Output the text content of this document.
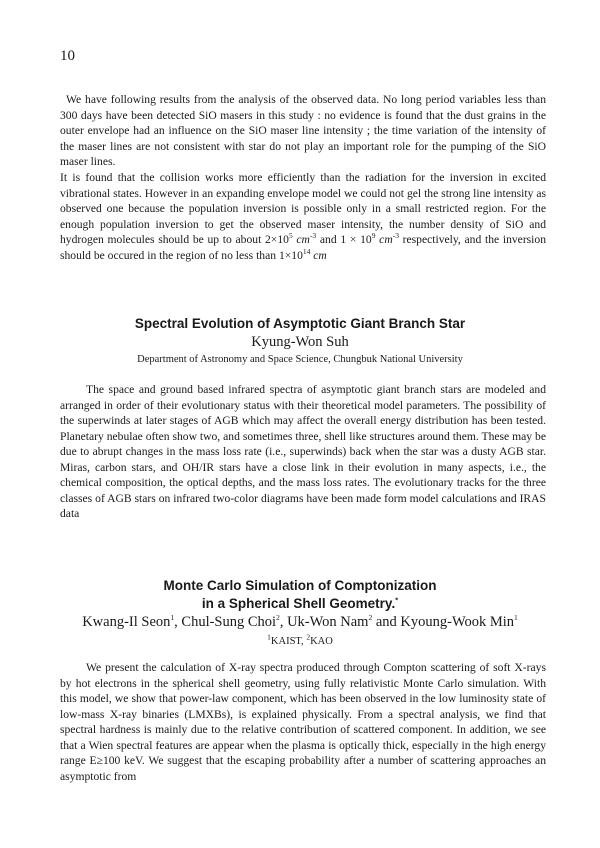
10

We have following results from the analysis of the observed data. No long period variables less than 300 days have been detected SiO masers in this study : no evidence is found that the dust grains in the outer envelope had an influence on the SiO maser line intensity ; the time variation of the intensity of the maser lines are not consistent with star do not play an important role for the pumping of the SiO maser lines.

It is found that the collision works more efficiently than the radiation for the inversion in excited vibrational states. However in an expanding envelope model we could not gel the strong line intensity as observed one because the population inversion is possible only in a small restricted region. For the enough population inversion to get the observed maser intensity, the number density of SiO and hydrogen molecules should be up to about $2\times 10^5$ $cm^{-3}$ and $1 \times 10^9$ $cm^{-3}$ respectively, and the inversion should be occured in the region of no less than $1\times 10^{14}$ cm

Spectral Evolution of Asymptotic Giant Branch Star
Kyung-Won Suh
Department of Astronomy and Space Science, Chungbuk National University

The space and ground based infrared spectra of asymptotic giant branch stars are modeled and arranged in order of their evolutionary status with their theoretical model parameters. The possibility of the superwinds at later stages of AGB which may affect the overall energy distribution has been tested. Planetary nebulae often show two, and sometimes three, shell like structures around them. These may be due to abrupt changes in the mass loss rate (i.e., superwinds) back when the star was a dusty AGB star. Miras, carbon stars, and OH/IR stars have a close link in their evolution in many aspects, i.e., the chemical composition, the optical depths, and the mass loss rates. The evolutionary tracks for the three classes of AGB stars on infrared two-color diagrams have been made form model calculations and IRAS data

Monte Carlo Simulation of Comptonization
in a Spherical Shell Geometry.*
Kwang-Il Seon$^1$, Chul-Sung Choi$^2$, Uk-Won Nam$^2$ and Kyoung-Wook Min$^1$
$^1$KAIST, $^2$KAO

We present the calculation of X-ray spectra produced through Compton scattering of soft X-rays by hot electrons in the spherical shell geometry, using fully relativistic Monte Carlo simulation. With this model, we show that power-law component, which has been observed in the low luminosity state of low-mass X-ray binaries (LMXBs), is explained physically. From a spectral analysis, we find that spectral hardness is mainly due to the relative contribution of scattered component. In addition, we see that a Wien spectral features are appear when the plasma is optically thick, especially in the high energy range E≥100 keV. We suggest that the escaping probability after a number of scattering approaches an asymptotic from
